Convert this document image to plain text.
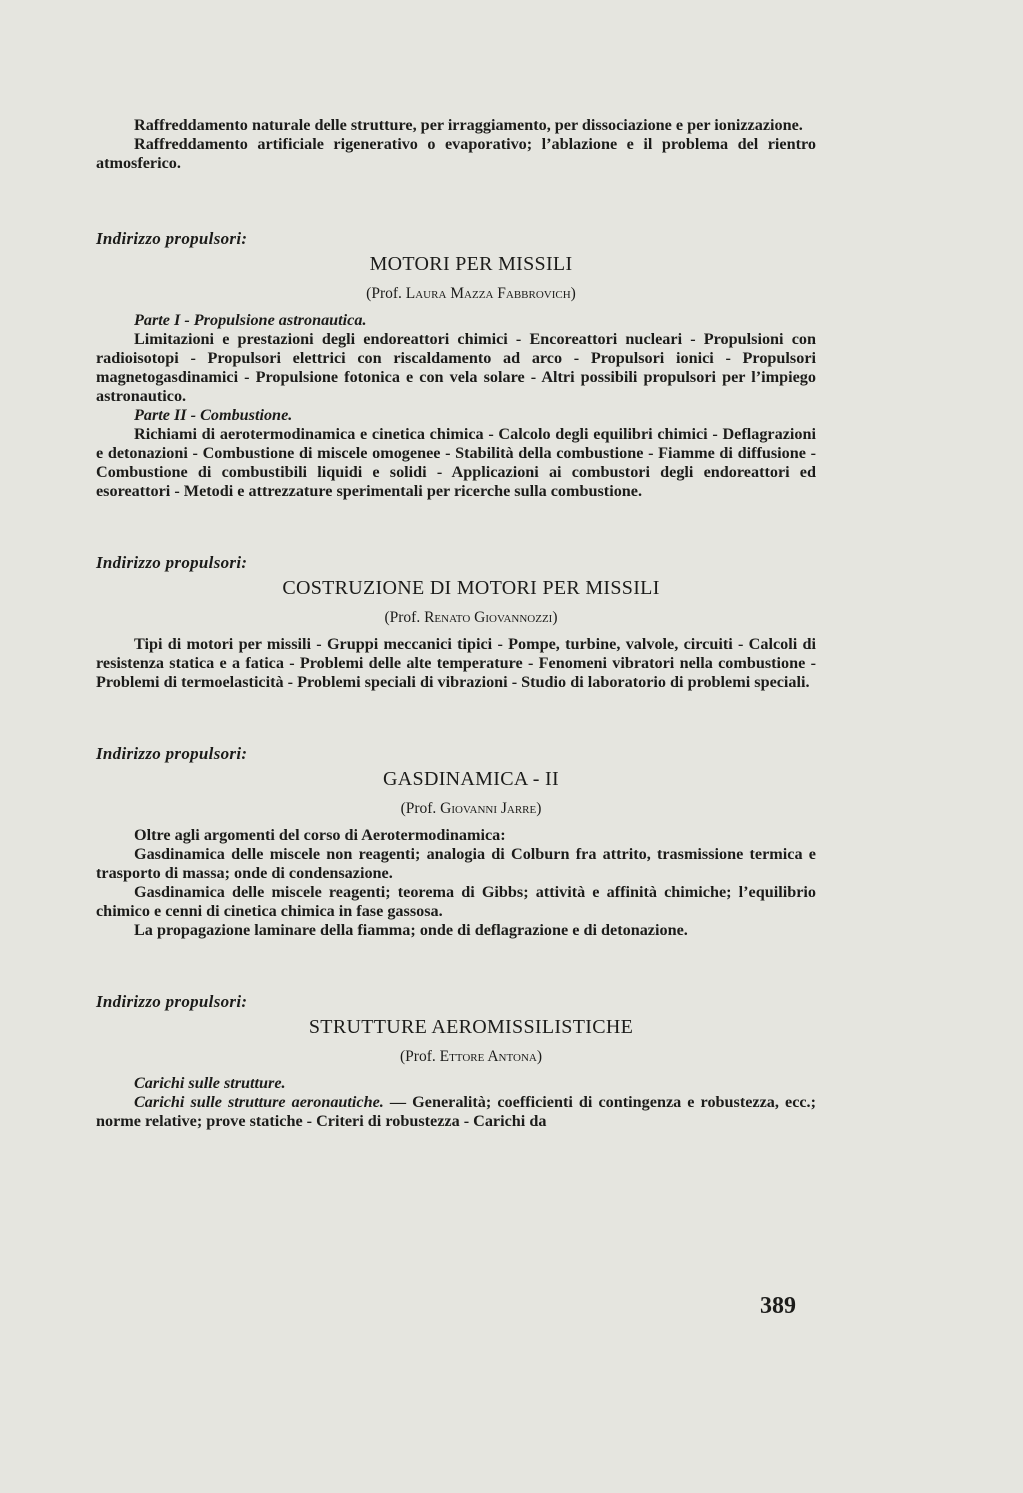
Raffreddamento naturale delle strutture, per irraggiamento, per dissociazione e per ionizzazione.

Raffreddamento artificiale rigenerativo o evaporativo; l’ablazione e il problema del rientro atmosferico.

Indirizzo propulsori:
MOTORI PER MISSILI
(Prof. Laura Mazza Fabbrovich)

Parte I - Propulsione astronautica.

Limitazioni e prestazioni degli endoreattori chimici - Encoreattori nucleari - Propulsioni con radioisotopi - Propulsori elettrici con riscaldamento ad arco - Propulsori ionici - Propulsori magnetogasdinamici - Propulsione fotonica e con vela solare - Altri possibili propulsori per l’impiego astronautico.

Parte II - Combustione.

Richiami di aerotermodinamica e cinetica chimica - Calcolo degli equilibri chimici - Deflagrazioni e detonazioni - Combustione di miscele omogenee - Stabilità della combustione - Fiamme di diffusione - Combustione di combustibili liquidi e solidi - Applicazioni ai combustori degli endoreattori ed esoreattori - Metodi e attrezzature sperimentali per ricerche sulla combustione.

Indirizzo propulsori:
COSTRUZIONE DI MOTORI PER MISSILI
(Prof. Renato Giovannozzi)

Tipi di motori per missili - Gruppi meccanici tipici - Pompe, turbine, valvole, circuiti - Calcoli di resistenza statica e a fatica - Problemi delle alte temperature - Fenomeni vibratori nella combustione - Problemi di termoelasticità - Problemi speciali di vibrazioni - Studio di laboratorio di problemi speciali.

Indirizzo propulsori:
GASDINAMICA - II
(Prof. Giovanni Jarre)

Oltre agli argomenti del corso di Aerotermodinamica:

Gasdinamica delle miscele non reagenti; analogia di Colburn fra attrito, trasmissione termica e trasporto di massa; onde di condensazione.

Gasdinamica delle miscele reagenti; teorema di Gibbs; attività e affinità chimiche; l’equilibrio chimico e cenni di cinetica chimica in fase gassosa.

La propagazione laminare della fiamma; onde di deflagrazione e di detonazione.

Indirizzo propulsori:
STRUTTURE AEROMISSILISTICHE
(Prof. Ettore Antona)

Carichi sulle strutture.

Carichi sulle strutture aeronautiche. — Generalità; coefficienti di contingenza e robustezza, ecc.; norme relative; prove statiche - Criteri di robustezza - Carichi da

389
